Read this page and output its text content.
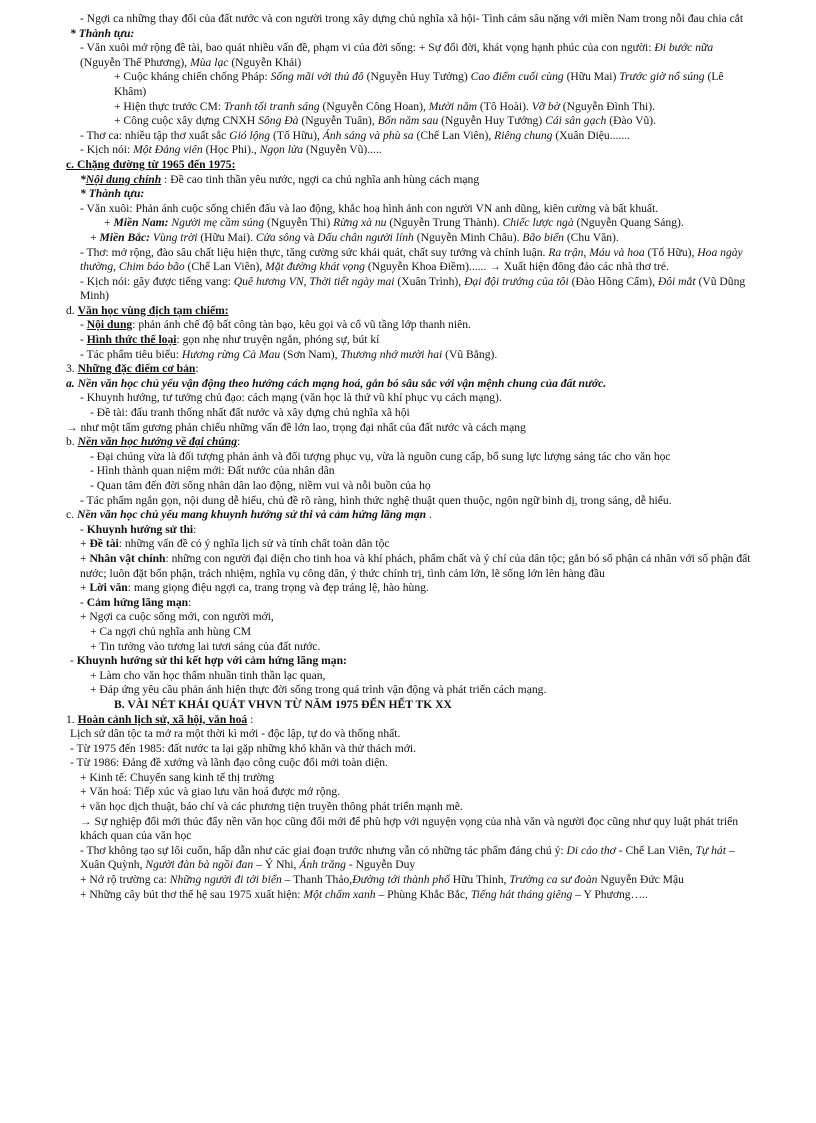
- Ngợi ca những thay đổi của đất nước và con người trong xây dựng chủ nghĩa xã hội- Tình cảm sâu nặng với miền Nam trong nỗi đau chia cắt

* Thành tựu:

- Văn xuôi mở rộng đề tài, bao quát nhiều vấn đề, phạm vi của đời sống: + Sự đổi đời, khát vọng hạnh phúc của con người: Đi bước nữa (Nguyễn Thế Phương), Mùa lạc (Nguyễn Khải)

+ Cuộc kháng chiến chống Pháp: Sống mãi với thủ đô (Nguyễn Huy Tưởng) Cao điểm cuối cùng (Hữu Mai) Trước giờ nổ súng (Lê Khâm)

+ Hiện thực trước CM: Tranh tối tranh sáng (Nguyễn Công Hoan), Mười năm (Tô Hoài). Vỡ bờ (Nguyễn Đình Thi).

+ Công cuộc xây dựng CNXH Sông Đà (Nguyễn Tuân), Bốn năm sau (Nguyễn Huy Tưởng) Cái sân gạch (Đào Vũ).

- Thơ ca: nhiều tập thơ xuất sắc Gió lộng (Tố Hữu), Ánh sáng và phù sa (Chế Lan Viên), Riêng chung (Xuân Diệu.......

- Kịch nói: Một Đảng viên (Học Phi)., Ngọn lửa (Nguyễn Vũ).....

c. Chặng đường từ 1965 đến 1975:

*Nội dung chính : Đề cao tinh thần yêu nước, ngợi ca chủ nghĩa anh hùng cách mạng

* Thành tựu:

- Văn xuôi: Phản ánh cuộc sống chiến đấu và lao động, khắc hoạ hình ảnh con người VN anh dũng, kiên cường và bất khuất.

+ Miền Nam: Người mẹ cầm súng (Nguyễn Thi) Rừng xà nu (Nguyễn Trung Thành). Chiếc lược ngà (Nguyễn Quang Sáng).

+ Miền Bắc: Vùng trời (Hữu Mai). Cửa sông và Dấu chân người lính (Nguyễn Minh Châu). Bão biển (Chu Văn).

- Thơ: mở rộng, đào sâu chất liệu hiện thực, tăng cường sức khái quát, chất suy tưởng và chính luận. Ra trận, Máu và hoa (Tố Hữu), Hoa ngày thường, Chim báo bão (Chế Lan Viên), Mặt đường khát vọng (Nguyễn Khoa Điềm)...... → Xuất hiện đông đảo các nhà thơ trẻ.

- Kịch nói: gây được tiếng vang: Quê hương VN, Thời tiết ngày mai (Xuân Trình), Đại đội trưởng của tôi (Đào Hồng Cẩm), Đôi mắt (Vũ Dũng Minh)

d. Văn học vùng địch tạm chiếm:

- Nội dung: phản ánh chế độ bất công tàn bạo, kêu gọi và cổ vũ tầng lớp thanh niên.

- Hình thức thể loại: gọn nhẹ như truyện ngắn, phóng sự, bút kí

- Tác phẩm tiêu biểu: Hương rừng Cà Mau (Sơn Nam), Thương nhớ mười hai (Vũ Bằng).

3. Những đặc điểm cơ bản:

a. Nền văn học chủ yếu vận động theo hướng cách mạng hoá, gắn bó sâu sắc với vận mệnh chung của đất nước.

- Khuynh hướng, tư tưởng chủ đạo: cách mạng (văn học là thứ vũ khí phục vụ cách mạng).

- Đề tài: đấu tranh thống nhất đất nước và xây dựng chủ nghĩa xã hội

→ như một tấm gương phản chiếu những vấn đề lớn lao, trọng đại nhất của đất nước và cách mạng

b. Nền văn học hướng về đại chúng:

- Đại chúng vừa là đối tượng phản ánh và đối tượng phục vụ, vừa là nguồn cung cấp, bổ sung lực lượng sáng tác cho văn học

- Hình thành quan niệm mới: Đất nước của nhân dân

- Quan tâm đến đời sống nhân dân lao động, niềm vui và nỗi buồn của họ

- Tác phẩm ngắn gọn, nội dung dễ hiểu, chủ đề rõ ràng, hình thức nghệ thuật quen thuộc, ngôn ngữ bình dị, trong sáng, dễ hiểu.

c. Nền văn học chủ yếu mang khuynh hướng sử thi và cảm hứng lãng mạn .

- Khuynh hướng sử thi:

+ Đề tài: những vấn đề có ý nghĩa lịch sử và tính chất toàn dân tộc

+ Nhân vật chính: những con người đại diện cho tinh hoa và khí phách, phẩm chất và ý chí của dân tộc; gắn bó số phận cá nhân với số phận đất nước; luôn đặt bổn phận, trách nhiệm, nghĩa vụ công dân, ý thức chính trị, tình cảm lớn, lẽ sống lớn lên hàng đầu

+ Lời văn: mang giọng điệu ngợi ca, trang trọng và đẹp tráng lệ, hào hùng.

- Cảm hứng lãng mạn:

+ Ngợi ca cuộc sống mới, con người mới,

+ Ca ngợi chủ nghĩa anh hùng CM

+ Tin tưởng vào tương lai tươi sáng của đất nước.

- Khuynh hướng sử thi kết hợp với cảm hứng lãng mạn:

+ Làm cho văn học thấm nhuần tinh thần lạc quan,

+ Đáp ứng yêu cầu phản ánh hiện thực đời sống trong quá trình vận động và phát triển cách mạng.

B. VÀI NÉT KHÁI QUÁT VHVN TỪ NĂM 1975 ĐẾN HẾT TK XX

1. Hoàn cảnh lịch sử, xã hội, văn hoá :

Lịch sử dân tộc ta mở ra một thời kì mới - độc lập, tự do và thống nhất.

- Từ 1975 đến 1985: đất nước ta lại gặp những khó khăn và thử thách mới.

- Từ 1986: Đảng đề xướng và lãnh đạo công cuộc đổi mới toàn diện.

+ Kinh tế: Chuyển sang kinh tế thị trường

+ Văn hoá: Tiếp xúc và giao lưu văn hoá được mở rộng.

+ văn học dịch thuật, báo chí và các phương tiện truyền thông phát triển mạnh mẽ.

→ Sự nghiệp đổi mới thúc đẩy nền văn học cũng đổi mới để phù hợp với nguyện vọng của nhà văn và người đọc cũng như quy luật phát triển khách quan của văn học

- Thơ không tạo sự lôi cuốn, hấp dẫn như các giai đoạn trước nhưng vẫn có những tác phẩm đáng chú ý: Di cảo thơ - Chế Lan Viên, Tự hát – Xuân Quỳnh, Người đàn bà ngồi đan – Ý Nhi, Ánh trăng - Nguyễn Duy

+ Nở rộ trường ca: Những người đi tới biển – Thanh Thảo,Đường tới thành phố Hữu Thỉnh, Trường ca sư đoàn Nguyễn Đức Mậu

+ Những cây bút thơ thế hệ sau 1975 xuất hiện: Một chấm xanh – Phùng Khắc Bắc, Tiếng hát tháng giêng – Y Phương…..
